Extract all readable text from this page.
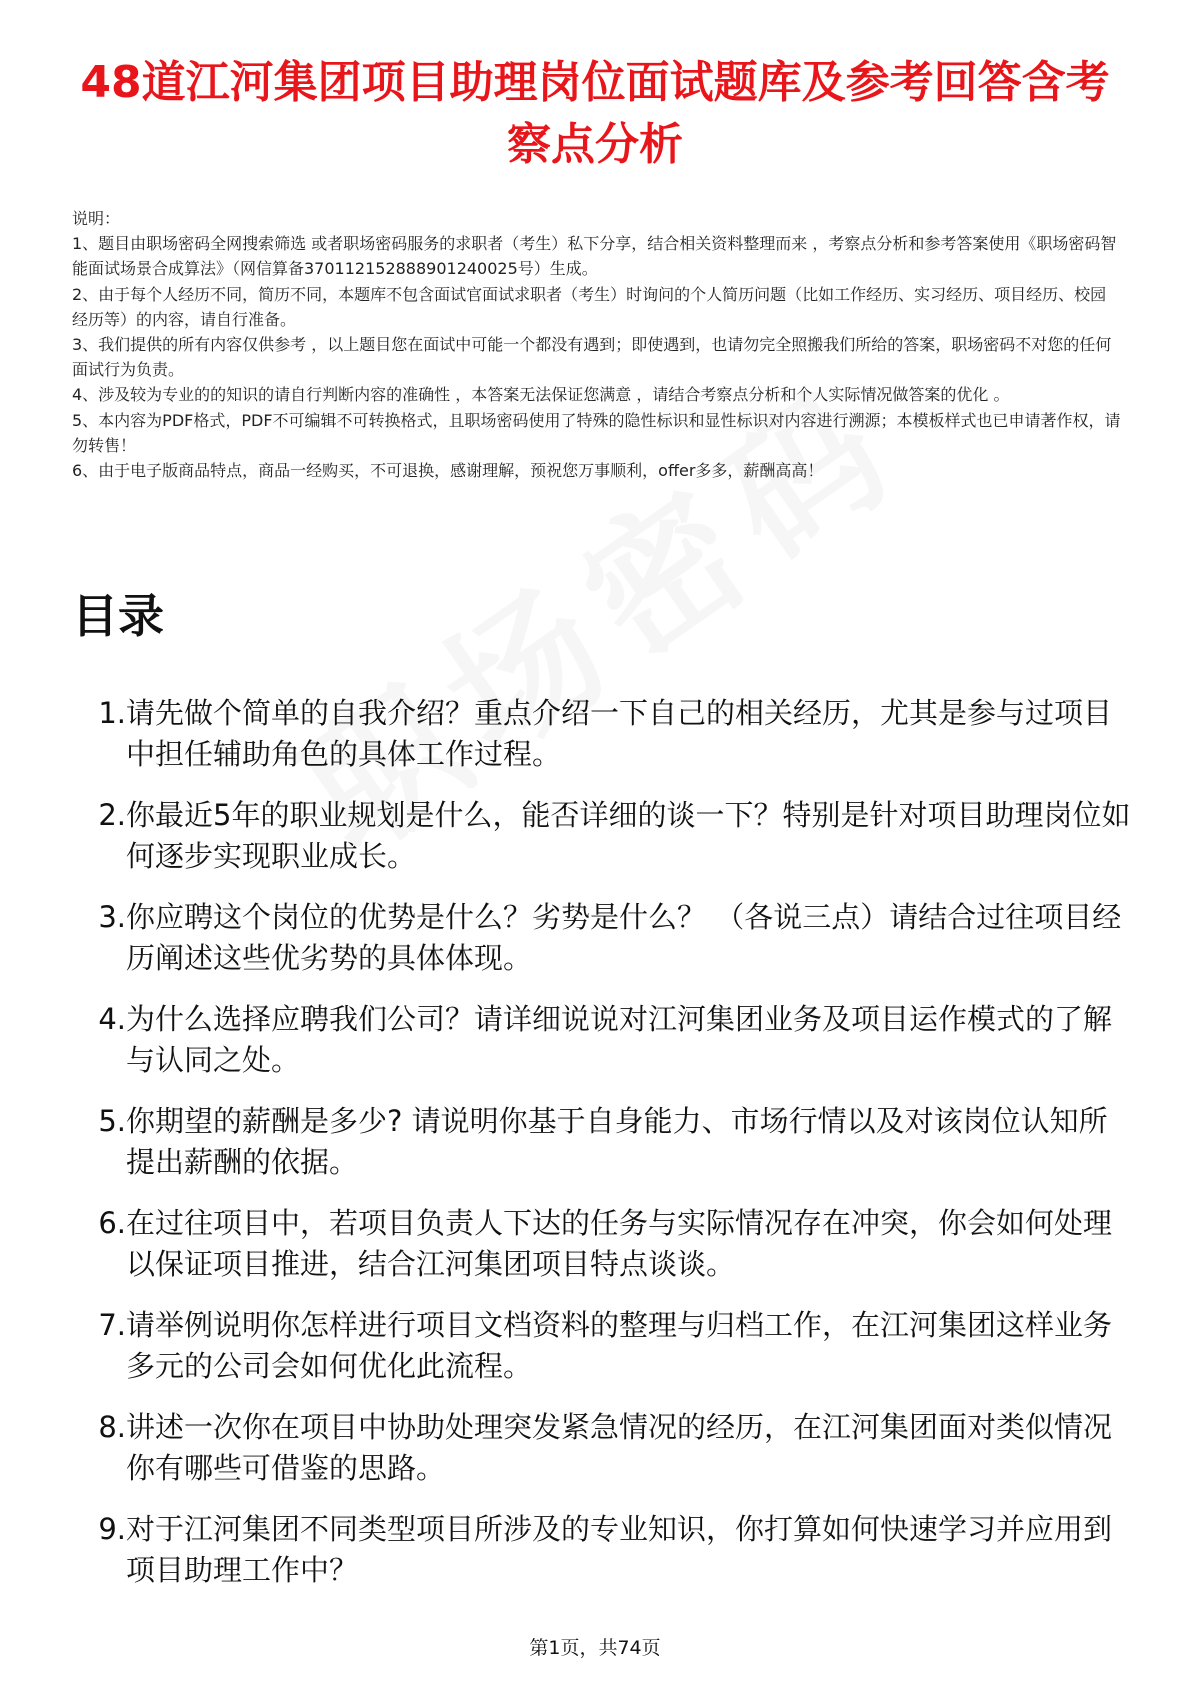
48道江河集团项目助理岗位面试题库及参考回答含考察点分析

说明：

1、题目由职场密码全网搜索筛选 或者职场密码服务的求职者（考生）私下分享，结合相关资料整理而来 ，考察点分析和参考答案使用《职场密码智能面试场景合成算法》（网信算备370112152888901240025号）生成。

2、由于每个人经历不同，简历不同，本题库不包含面试官面试求职者（考生）时询问的个人简历问题（比如工作经历、实习经历、项目经历、校园经历等）的内容，请自行准备。

3、我们提供的所有内容仅供参考 ，以上题目您在面试中可能一个都没有遇到；即使遇到，也请勿完全照搬我们所给的答案，职场密码不对您的任何面试行为负责。

4、涉及较为专业的的知识的请自行判断内容的准确性 ，本答案无法保证您满意 ，请结合考察点分析和个人实际情况做答案的优化 。

5、本内容为PDF格式，PDF不可编辑不可转换格式，且职场密码使用了特殊的隐性标识和显性标识对内容进行溯源；本模板样式也已申请著作权，请勿转售！

6、由于电子版商品特点，商品一经购买，不可退换，感谢理解，预祝您万事顺利，offer多多，薪酬高高！

目录
1. 请先做个简单的自我介绍？重点介绍一下自己的相关经历，尤其是参与过项目中担任辅助角色的具体工作过程。
2. 你最近5年的职业规划是什么，能否详细的谈一下？特别是针对项目助理岗位如何逐步实现职业成长。
3. 你应聘这个岗位的优势是什么？劣势是什么？ （各说三点）请结合过往项目经历阐述这些优劣势的具体体现。
4. 为什么选择应聘我们公司？请详细说说对江河集团业务及项目运作模式的了解与认同之处。
5. 你期望的薪酬是多少? 请说明你基于自身能力、市场行情以及对该岗位认知所提出薪酬的依据。
6. 在过往项目中，若项目负责人下达的任务与实际情况存在冲突，你会如何处理以保证项目推进，结合江河集团项目特点谈谈。
7. 请举例说明你怎样进行项目文档资料的整理与归档工作，在江河集团这样业务多元的公司会如何优化此流程。
8. 讲述一次你在项目中协助处理突发紧急情况的经历，在江河集团面对类似情况你有哪些可借鉴的思路。
9. 对于江河集团不同类型项目所涉及的专业知识，你打算如何快速学习并应用到项目助理工作中？
第1页，共74页
